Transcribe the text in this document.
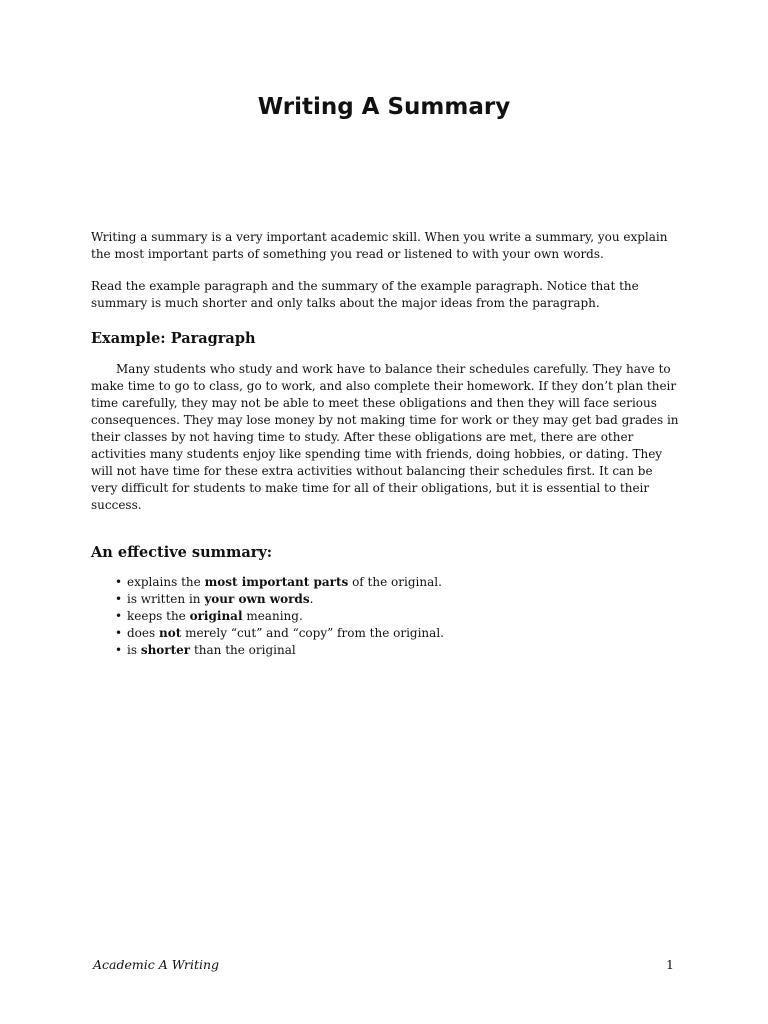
Writing A Summary

Writing a summary is a very important academic skill. When you write a summary, you explain the most important parts of something you read or listened to with your own words.

Read the example paragraph and the summary of the example paragraph. Notice that the summary is much shorter and only talks about the major ideas from the paragraph.

Example: Paragraph

Many students who study and work have to balance their schedules carefully. They have to make time to go to class, go to work, and also complete their homework. If they don’t plan their time carefully, they may not be able to meet these obligations and then they will face serious consequences. They may lose money by not making time for work or they may get bad grades in their classes by not having time to study. After these obligations are met, there are other activities many students enjoy like spending time with friends, doing hobbies, or dating. They will not have time for these extra activities without balancing their schedules first. It can be very difficult for students to make time for all of their obligations, but it is essential to their success.

An effective summary:
• explains the most important parts of the original.
• is written in your own words.
• keeps the original meaning.
• does not merely “cut” and “copy” from the original.
• is shorter than the original
Academic A Writing	1
